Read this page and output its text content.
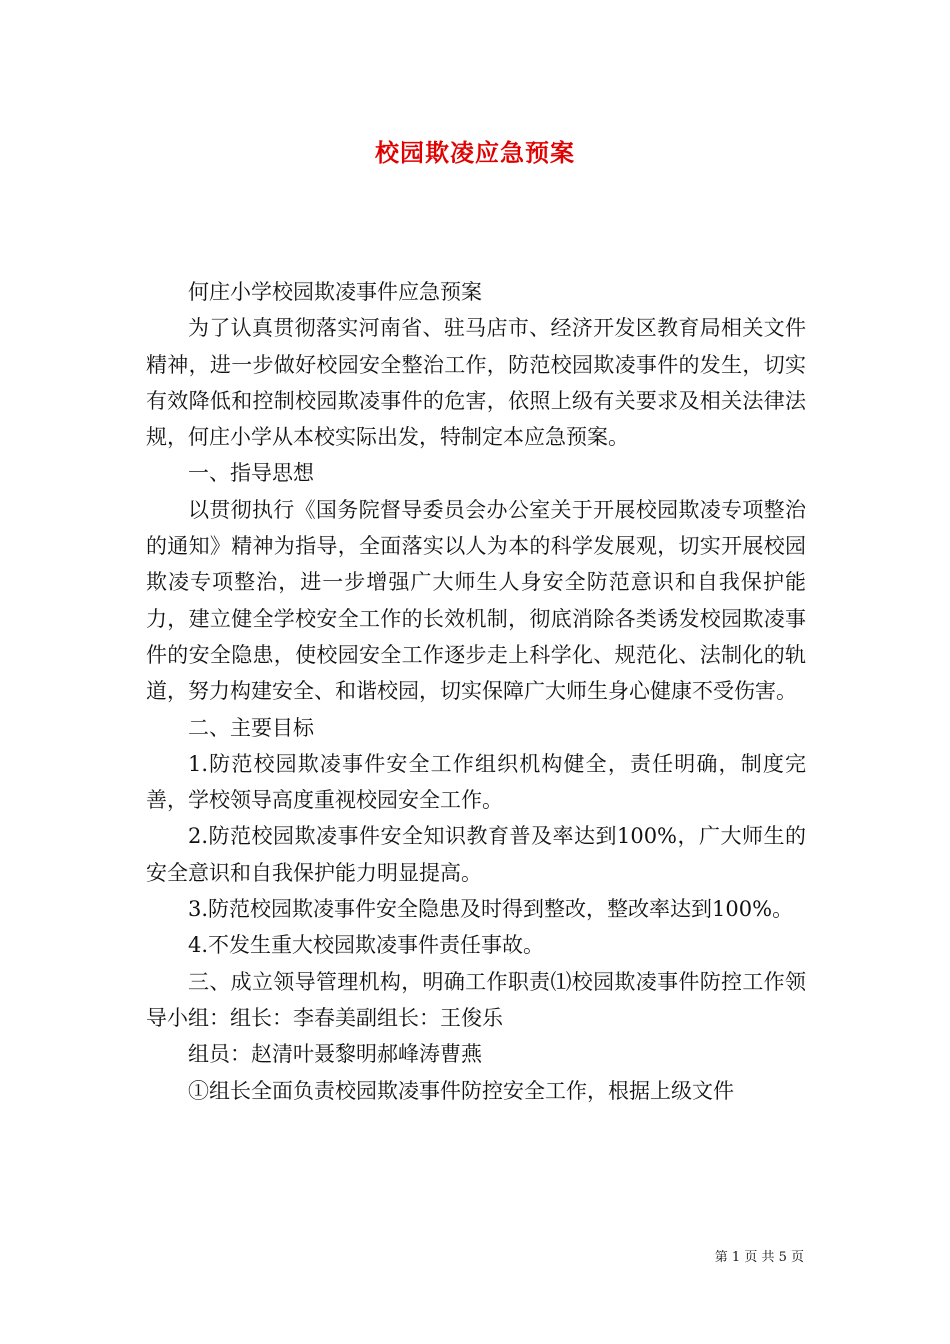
校园欺凌应急预案

何庄小学校园欺凌事件应急预案

为了认真贯彻落实河南省、驻马店市、经济开发区教育局相关文件精神，进一步做好校园安全整治工作，防范校园欺凌事件的发生，切实有效降低和控制校园欺凌事件的危害，依照上级有关要求及相关法律法规，何庄小学从本校实际出发，特制定本应急预案。

一、指导思想

以贯彻执行《国务院督导委员会办公室关于开展校园欺凌专项整治的通知》精神为指导，全面落实以人为本的科学发展观，切实开展校园欺凌专项整治，进一步增强广大师生人身安全防范意识和自我保护能力，建立健全学校安全工作的长效机制，彻底消除各类诱发校园欺凌事件的安全隐患，使校园安全工作逐步走上科学化、规范化、法制化的轨道，努力构建安全、和谐校园，切实保障广大师生身心健康不受伤害。

二、主要目标

1.防范校园欺凌事件安全工作组织机构健全，责任明确，制度完善，学校领导高度重视校园安全工作。

2.防范校园欺凌事件安全知识教育普及率达到100%，广大师生的安全意识和自我保护能力明显提高。

3.防范校园欺凌事件安全隐患及时得到整改，整改率达到100%。

4.不发生重大校园欺凌事件责任事故。

三、成立领导管理机构，明确工作职责⑴校园欺凌事件防控工作领导小组：组长：李春美副组长：王俊乐

组员：赵清叶聂黎明郝峰涛曹燕

①组长全面负责校园欺凌事件防控安全工作，根据上级文件

第 1 页 共 5 页
